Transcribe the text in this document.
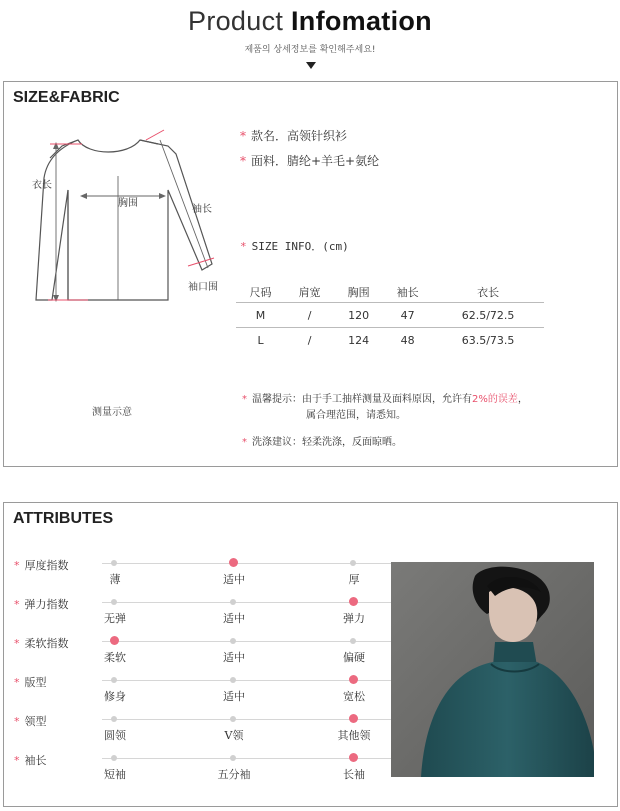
Product Infomation
제품의 상세정보를 확인해주세요!
SIZE&FABRIC
衣长
胸围
袖长
袖口围
测量示意
* 款名．高领针织衫
* 面料．腈纶+羊毛+氨纶
* SIZE INFO．(cm)
尺码	肩宽	胸围	袖长	衣长
M	/	120	47	62.5/72.5
L	/	124	48	63.5/73.5
* 温馨提示：由于手工抽样测量及面料原因，允许有2%的误差，
属合理范围，请悉知。
* 洗涤建议：轻柔洗涤，反面晾晒。
ATTRIBUTES
* 厚度指数
薄	适中	厚
* 弹力指数
无弹	适中	弹力
* 柔软指数
柔软	适中	偏硬
* 版型
修身	适中	宽松
* 领型
圆领	V领	其他领
* 袖长
短袖	五分袖	长袖
